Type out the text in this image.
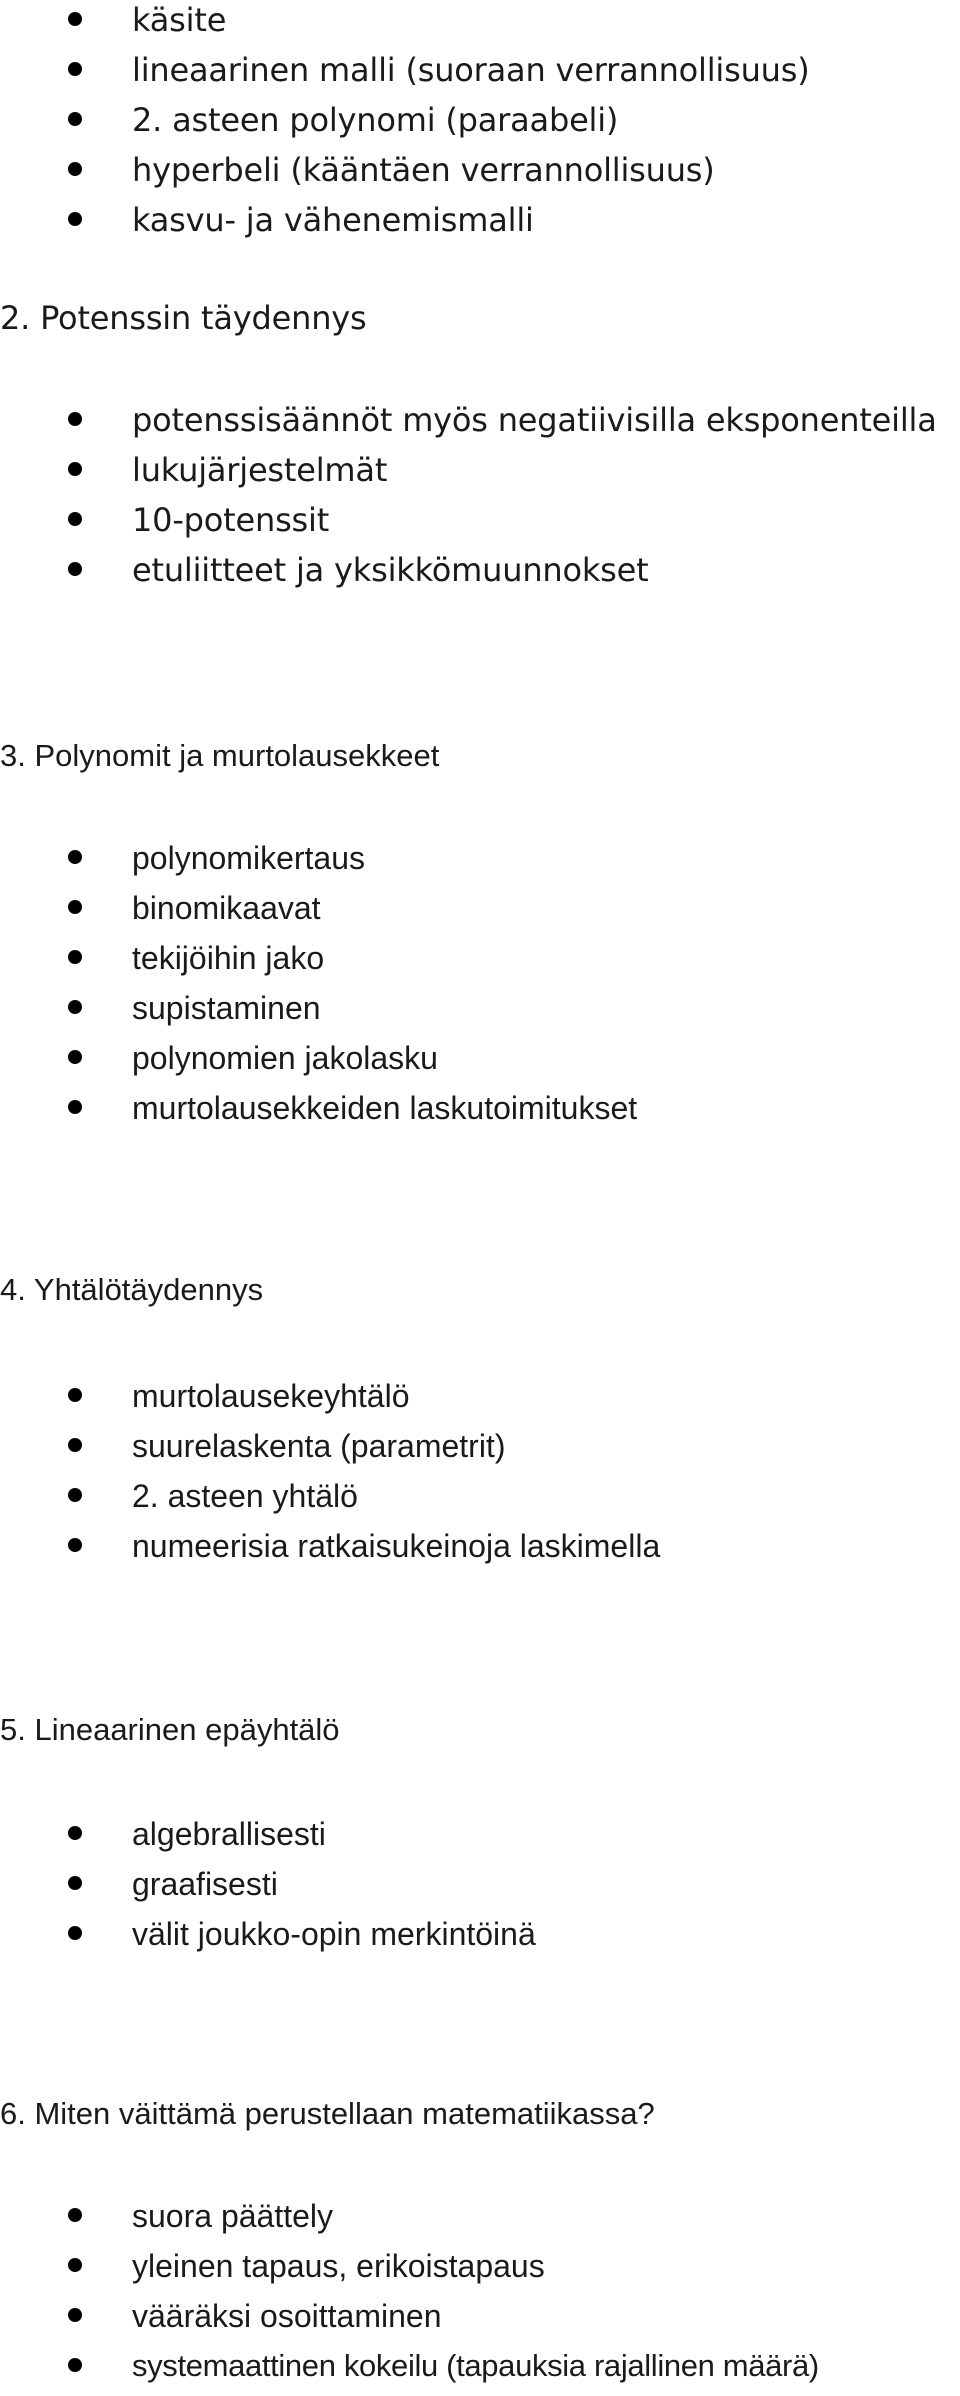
käsite
lineaarinen malli (suoraan verrannollisuus)
2. asteen polynomi (paraabeli)
hyperbeli (kääntäen verrannollisuus)
kasvu- ja vähenemismalli
2. Potenssin täydennys
potenssisäännöt myös negatiivisilla eksponenteilla
lukujärjestelmät
10-potenssit
etuliitteet ja yksikkömuunnokset
3. Polynomit ja murtolausekkeet
polynomikertaus
binomikaavat
tekijöihin jako
supistaminen
polynomien jakolasku
murtolausekkeiden laskutoimitukset
4. Yhtälötäydennys
murtolausekeyhtälö
suurelaskenta (parametrit)
2. asteen yhtälö
numeerisia ratkaisukeinoja laskimella
5. Lineaarinen epäyhtälö
algebrallisesti
graafisesti
välit joukko-opin merkintöinä
6. Miten väittämä perustellaan matematiikassa?
suora päättely
yleinen tapaus, erikoistapaus
vääräksi osoittaminen
systemaattinen kokeilu (tapauksia rajallinen määrä)
